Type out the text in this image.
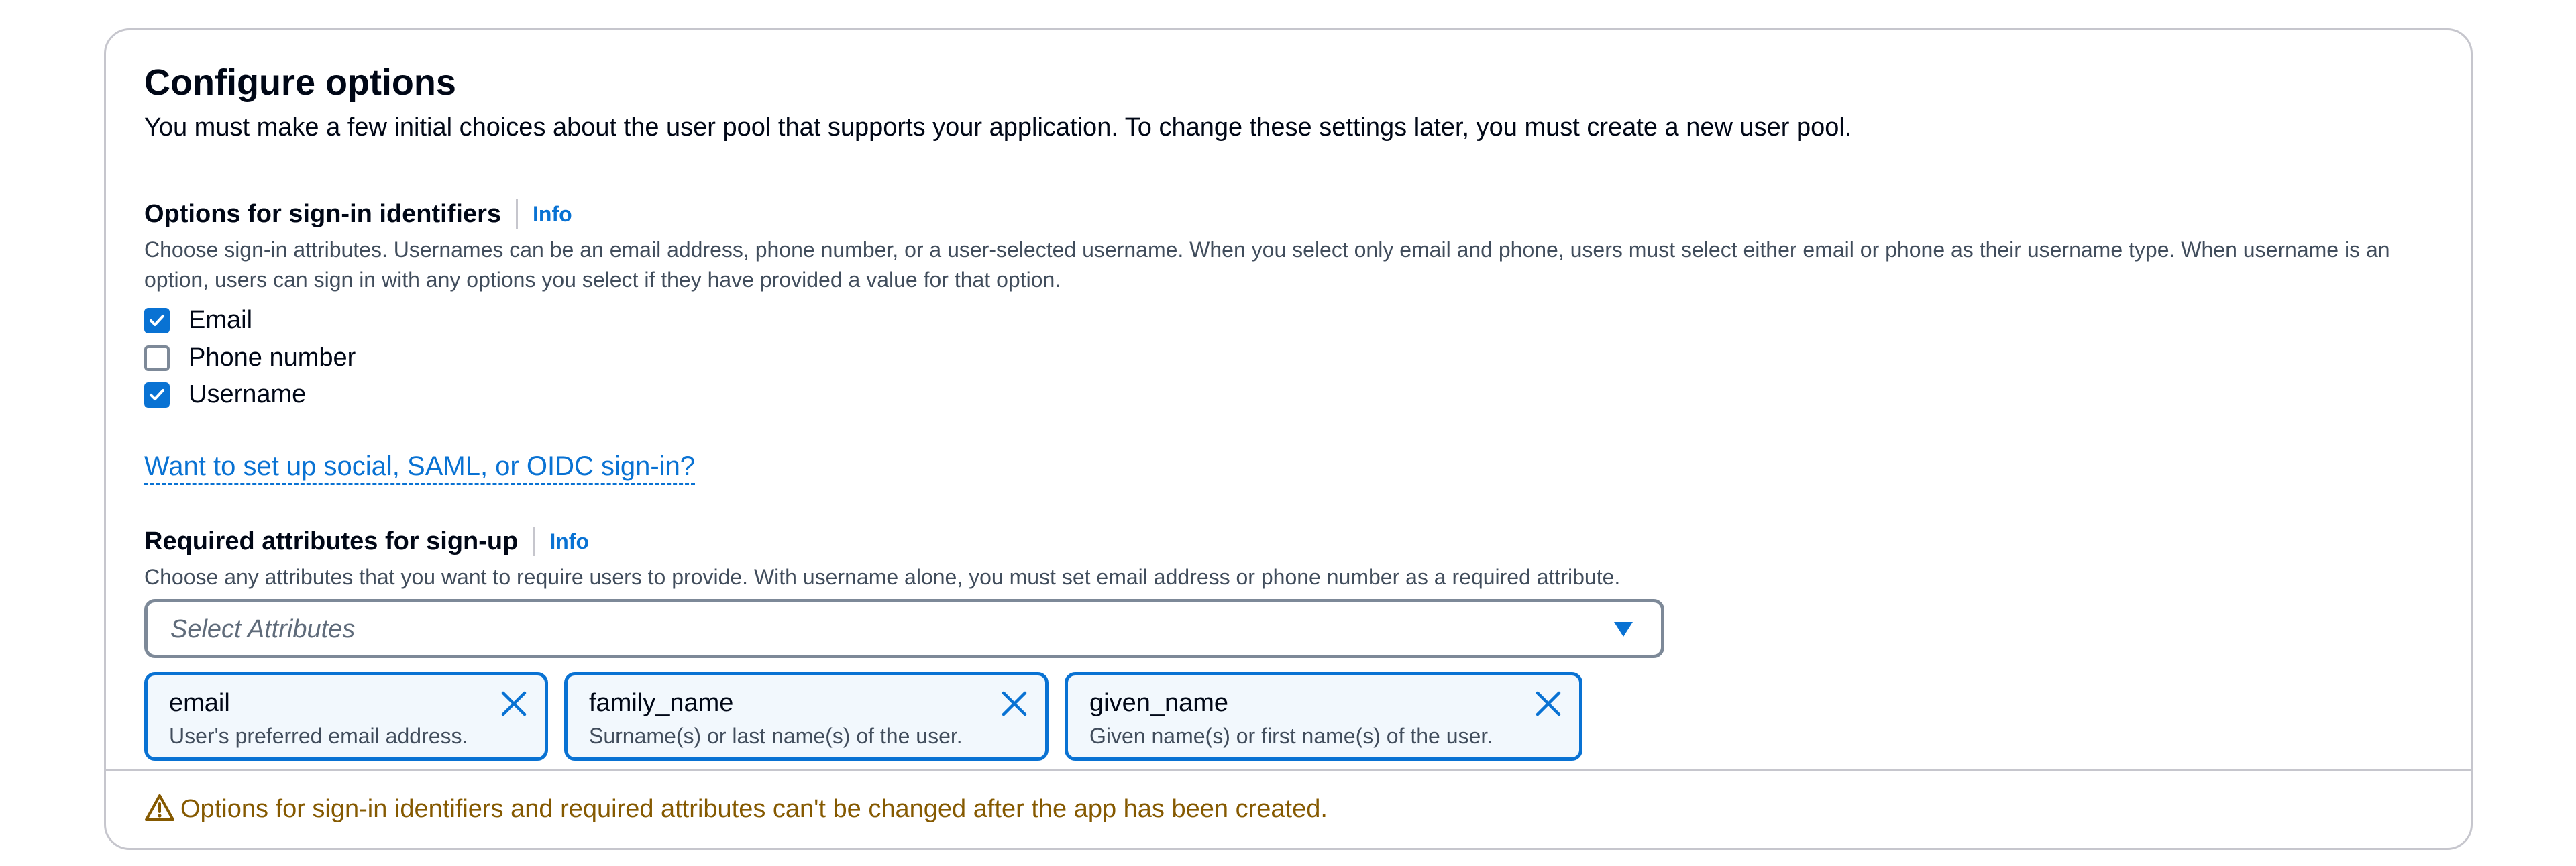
Configure options
You must make a few initial choices about the user pool that supports your application. To change these settings later, you must create a new user pool.
Options for sign-in identifiers Info
Choose sign-in attributes. Usernames can be an email address, phone number, or a user-selected username. When you select only email and phone, users must select either email or phone as their username type. When username is an option, users can sign in with any options you select if they have provided a value for that option.
Email
Phone number
Username
Want to set up social, SAML, or OIDC sign-in?
Required attributes for sign-up Info
Choose any attributes that you want to require users to provide. With username alone, you must set email address or phone number as a required attribute.
Select Attributes
email
User's preferred email address.
family_name
Surname(s) or last name(s) of the user.
given_name
Given name(s) or first name(s) of the user.
Options for sign-in identifiers and required attributes can't be changed after the app has been created.
